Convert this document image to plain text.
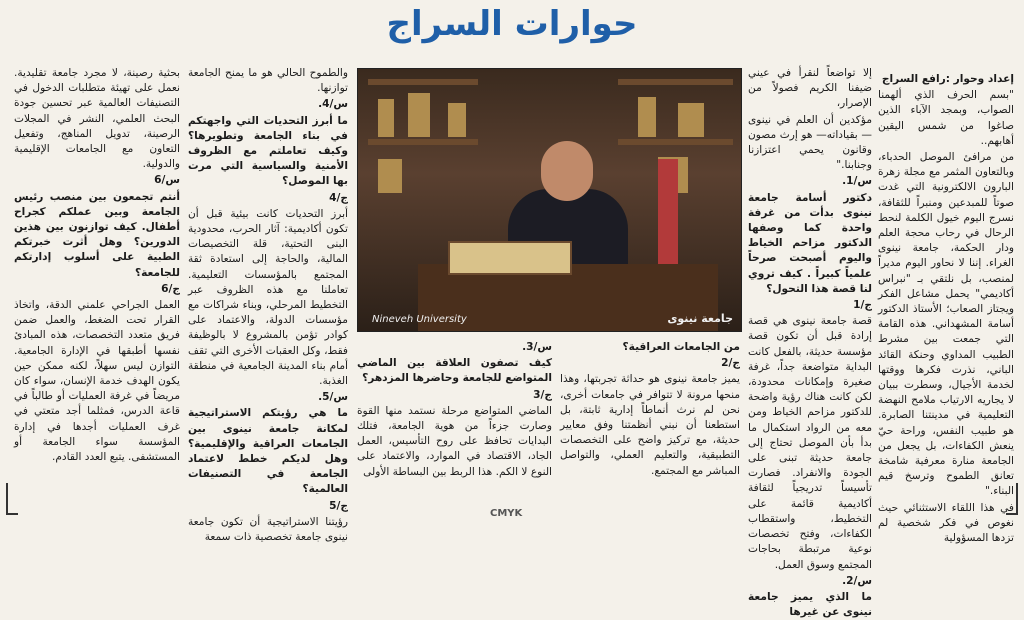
حوارات السراج

إعداد وحوار :رافع السراج

"بسم الحرف الذي ألهمنا الصواب، وبمجد الآباء الذين صاغوا من شمس اليقين أهابهم..

من مرافئ الموصل الحدباء، وبالتعاون المثمر مع مجلة زهرة البارون الالكترونية التي غدت صوتاً للمبدعين ومنبراً للثقافة، نسرج اليوم خيول الكلمة لنحط الرحال في رحاب محجة العلم ودار الحكمة، جامعة نينوى الغراء. إننا لا نحاور اليوم مديراً لمنصب، بل نلتقي بـ "نبراس أكاديمي" يحمل مشاعل الفكر ويجتاز الصعاب؛ الأستاذ الدكتور أسامة المشهداني. هذه القامة التي جمعت بين مشرط الطبيب المداوي وحنكة القائد الباني، نذرت فكرها ووقتها لخدمة الأجيال، وسطرت ببيان لا يجاريه الارتياب ملامح النهضة التعليمية في مدينتنا الصابرة. هو طبيب النفس، وراحة حيّ ينعش الكفاءات، بل يجعل من الجامعة منارة معرفية شامخة تعانق الطموح وترسخ قيم البناء."

في هذا اللقاء الاستثنائي حيث نغوص في فكر شخصية لم تزدها المسؤولية

إلا تواضعاً لنقرأ في عيني ضيفنا الكريم فصولاً من الإصرار،

مؤكدين أن العلم في نينوى — بقياداته— هو إرث مصون وقانون يحمي اعتزازنا وجنابنا."

س/1.

دكتور أسامة جامعة نينوى بدأت من غرفة واحدة كما وصفها الدكتور مزاحم الخياط واليوم أصبحت صرحاً علمياً كبيراً . كيف تروي لنا قصة هذا التحول؟

ج/1

قصة جامعة نينوى هي قصة إرادة قبل أن تكون قصة مؤسسة حديثة، بالفعل كانت البداية متواضعة جداً، غرفة صغيرة وإمكانات محدودة، لكن كانت هناك رؤية واضحة للدكتور مزاحم الخياط ومن معه من الرواد استكمال ما بدأ بأن الموصل تحتاج إلى جامعة حديثة تبنى على الجودة والانفراد. فصارت تأسيساً تدريجياً لثقافة أكاديمية قائمة على التخطيط، واستقطاب الكفاءات، وفتح تخصصات نوعية مرتبطة بحاجات المجتمع وسوق العمل.

س/2.

ما الذي يميز جامعة نينوى عن غيرها

جامعة نينوى
Nineveh University

من الجامعات العراقية؟

ج/2

يميز جامعة نينوى هو حداثة تجربتها، وهذا منحها مرونة لا تتوافر في جامعات أخرى، نحن لم نرث أنماطاً إدارية ثابتة، بل استطعنا أن نبني أنظمتنا وفق معايير حديثة، مع تركيز واضح على التخصصات التطبيقية، والتعليم العملي، والتواصل المباشر مع المجتمع.

س/3.

كيف تصفون العلاقة بين الماضي المتواضع للجامعة وحاضرها المزدهر؟

ج/3

الماضي المتواضع مرحلة نستمد منها القوة وصارت جزءاً من هوية الجامعة، فتلك البدايات تحافظ على روح التأسيس، العمل الجاد، الاقتصاد في الموارد، والاعتماد على النوع لا الكم. هذا الربط بين البساطة الأولى

والطموح الحالي هو ما يمنح الجامعة توازنها.

س/4.

ما أبرز التحديات التي واجهتكم في بناء الجامعة وتطويرها؟ وكيف تعاملتم مع الظروف الأمنية والسياسية التي مرت بها الموصل؟

ج/4

أبرز التحديات كانت بيئية قبل أن تكون أكاديمية: آثار الحرب، محدودية البنى التحتية، قلة التخصيصات المالية، والحاجة إلى استعادة ثقة المجتمع بالمؤسسات التعليمية. تعاملنا مع هذه الظروف عبر التخطيط المرحلي، وبناء شراكات مع مؤسسات الدولة، والاعتماد على كوادر تؤمن بالمشروع لا بالوظيفة فقط، وكل العقبات الأخرى التي تقف أمام بناء المدينة الجامعية في منطقة الغذبة.

س/5.

ما هي رؤيتكم الاستراتيجية لمكانة جامعة نينوى بين الجامعات العراقية والإقليمية؟ وهل لديكم خطط لاعتماد الجامعة في التصنيفات العالمية؟

ج/5

رؤيتنا الاستراتيجية أن تكون جامعة نينوى جامعة تخصصية ذات سمعة

بحثية رصينة، لا مجرد جامعة تقليدية. نعمل على تهيئة متطلبات الدخول في التصنيفات العالمية عبر تحسين جودة البحث العلمي، النشر في المجلات الرصينة، تدويل المناهج، وتفعيل التعاون مع الجامعات الإقليمية والدولية.

س/6

أنتم تجمعون بين منصب رئيس الجامعة وبين عملكم كجراح أطفال. كيف توازنون بين هذين الدورين؟ وهل أثرت خبرتكم الطبية على أسلوب إدارتكم للجامعة؟

ج/6

العمل الجراحي علمني الدقة، واتخاذ القرار تحت الضغط، والعمل ضمن فريق متعدد التخصصات، هذه المبادئ نفسها أطبقها في الإدارة الجامعية. التوازن ليس سهلاً، لكنه ممكن حين يكون الهدف خدمة الإنسان، سواء كان مريضاً في غرفة العمليات أو طالباً في قاعة الدرس، فمثلما أجد متعتي في غرف العمليات أجدها في إدارة المؤسسة سواء الجامعة أو المستشفى. يتبع العدد القادم.

CMYK
